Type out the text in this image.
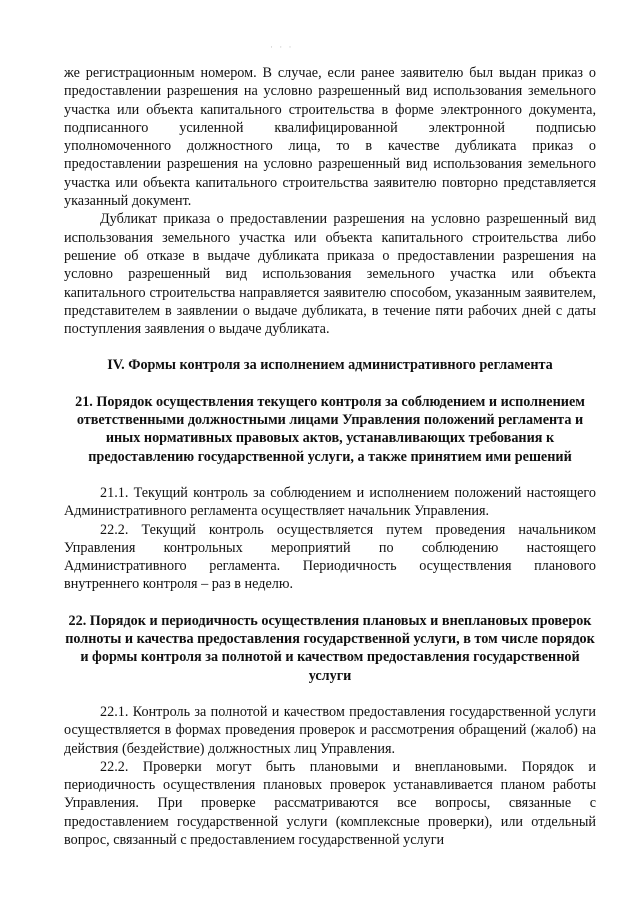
· · ·

же регистрационным номером. В случае, если ранее заявителю был выдан приказ о предоставлении разрешения на условно разрешенный вид использования земельного участка или объекта капитального строительства в форме электронного документа, подписанного усиленной квалифицированной электронной подписью уполномоченного должностного лица, то в качестве дубликата приказ о предоставлении разрешения на условно разрешенный вид использования земельного участка или объекта капитального строительства заявителю повторно представляется указанный документ.

Дубликат приказа о предоставлении разрешения на условно разрешенный вид использования земельного участка или объекта капитального строительства либо решение об отказе в выдаче дубликата приказа о предоставлении разрешения на условно разрешенный вид использования земельного участка или объекта капитального строительства направляется заявителю способом, указанным заявителем, представителем в заявлении о выдаче дубликата, в течение пяти рабочих дней с даты поступления заявления о выдаче дубликата.

IV. Формы контроля за исполнением административного регламента
21. Порядок осуществления текущего контроля за соблюдением и исполнением ответственными должностными лицами Управления положений регламента и иных нормативных правовых актов, устанавливающих требования к предоставлению государственной услуги, а также принятием ими решений

21.1. Текущий контроль за соблюдением и исполнением положений настоящего Административного регламента осуществляет начальник Управления.

22.2. Текущий контроль осуществляется путем проведения начальником Управления контрольных мероприятий по соблюдению настоящего Административного регламента. Периодичность осуществления планового внутреннего контроля – раз в неделю.

22. Порядок и периодичность осуществления плановых и внеплановых проверок полноты и качества предоставления государственной услуги, в том числе порядок и формы контроля за полнотой и качеством предоставления государственной услуги

22.1. Контроль за полнотой и качеством предоставления государственной услуги осуществляется в формах проведения проверок и рассмотрения обращений (жалоб) на действия (бездействие) должностных лиц Управления.

22.2. Проверки могут быть плановыми и внеплановыми. Порядок и периодичность осуществления плановых проверок устанавливается планом работы Управления. При проверке рассматриваются все вопросы, связанные с предоставлением государственной услуги (комплексные проверки), или отдельный вопрос, связанный с предоставлением государственной услуги
